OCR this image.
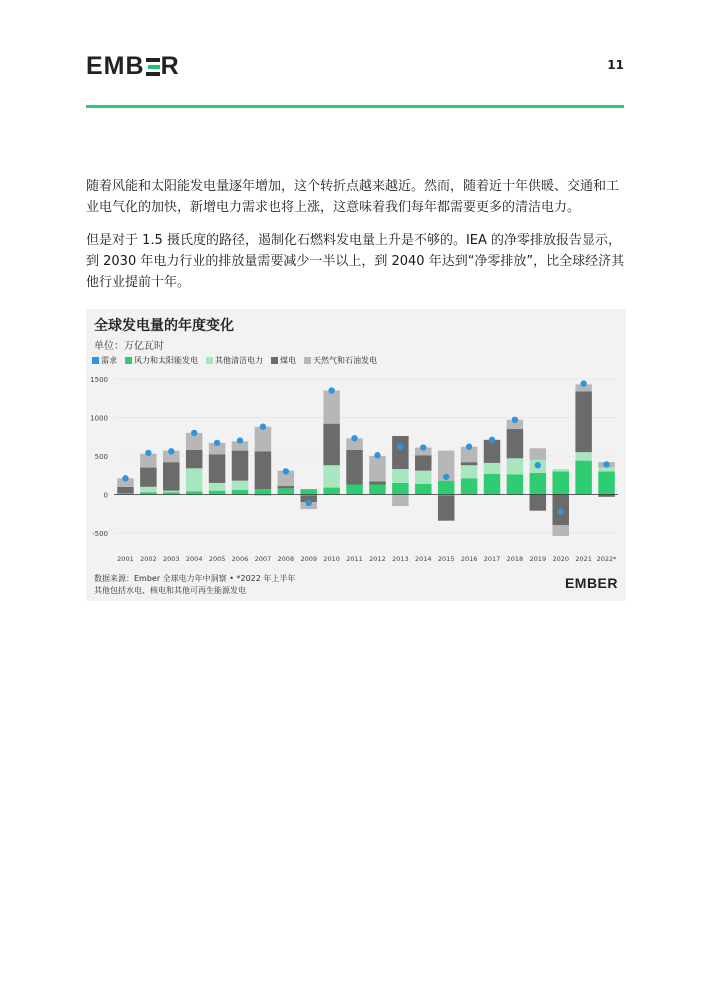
EMB R	11

随着风能和太阳能发电量逐年增加，这个转折点越来越近。然而，随着近十年供暖、交通和工业电气化的加快，新增电力需求也将上涨，这意味着我们每年都需要更多的清洁电力。

但是对于 1.5 摄氏度的路径，遏制化石燃料发电量上升是不够的。IEA 的净零排放报告显示，到 2030 年电力行业的排放量需要减少一半以上，到 2040 年达到“净零排放”，比全球经济其他行业提前十年。

全球发电量的年度变化
单位：万亿瓦时
需求 风力和太阳能发电 其他清洁电力 煤电 天然气和石油发电
1500
1000
500
0
-500
2001 2002 2003 2004 2005 2006 2007 2008 2009 2010 2011 2012 2013 2014 2015 2016 2017 2018 2019 2020 2021 2022*
数据来源：Ember 全球电力年中洞察 • *2022 年上半年
其他包括水电、核电和其他可再生能源发电	EMBER
